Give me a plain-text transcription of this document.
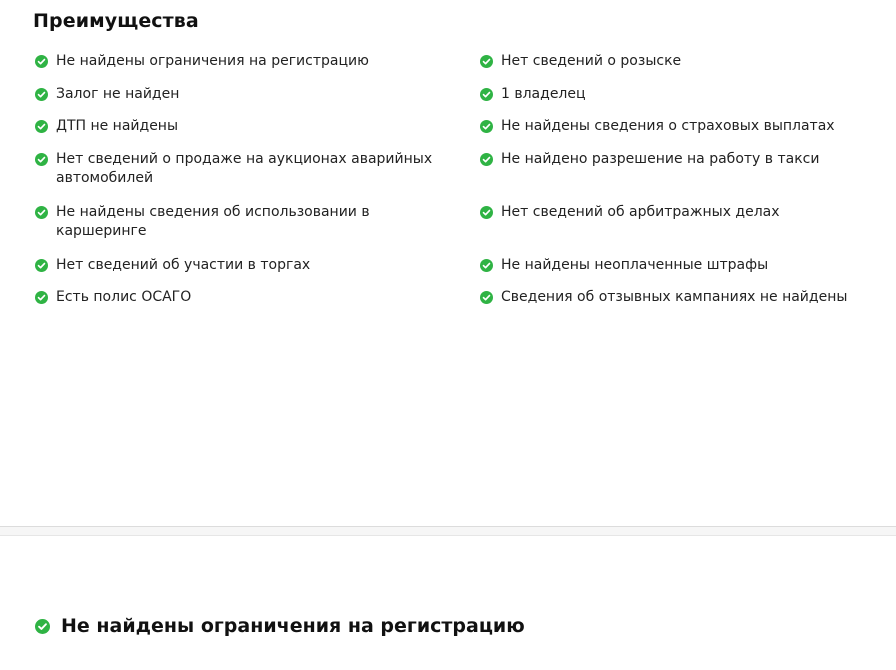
Преимущества
Не найдены ограничения на регистрацию
Залог не найден
ДТП не найдены
Нет сведений о продаже на аукционах аварийных автомобилей
Не найдены сведения об использовании в каршеринге
Нет сведений об участии в торгах
Есть полис ОСАГО
Нет сведений о розыске
1 владелец
Не найдены сведения о страховых выплатах
Не найдено разрешение на работу в такси
Нет сведений об арбитражных делах
Не найдены неоплаченные штрафы
Сведения об отзывных кампаниях не найдены
Не найдены ограничения на регистрацию
